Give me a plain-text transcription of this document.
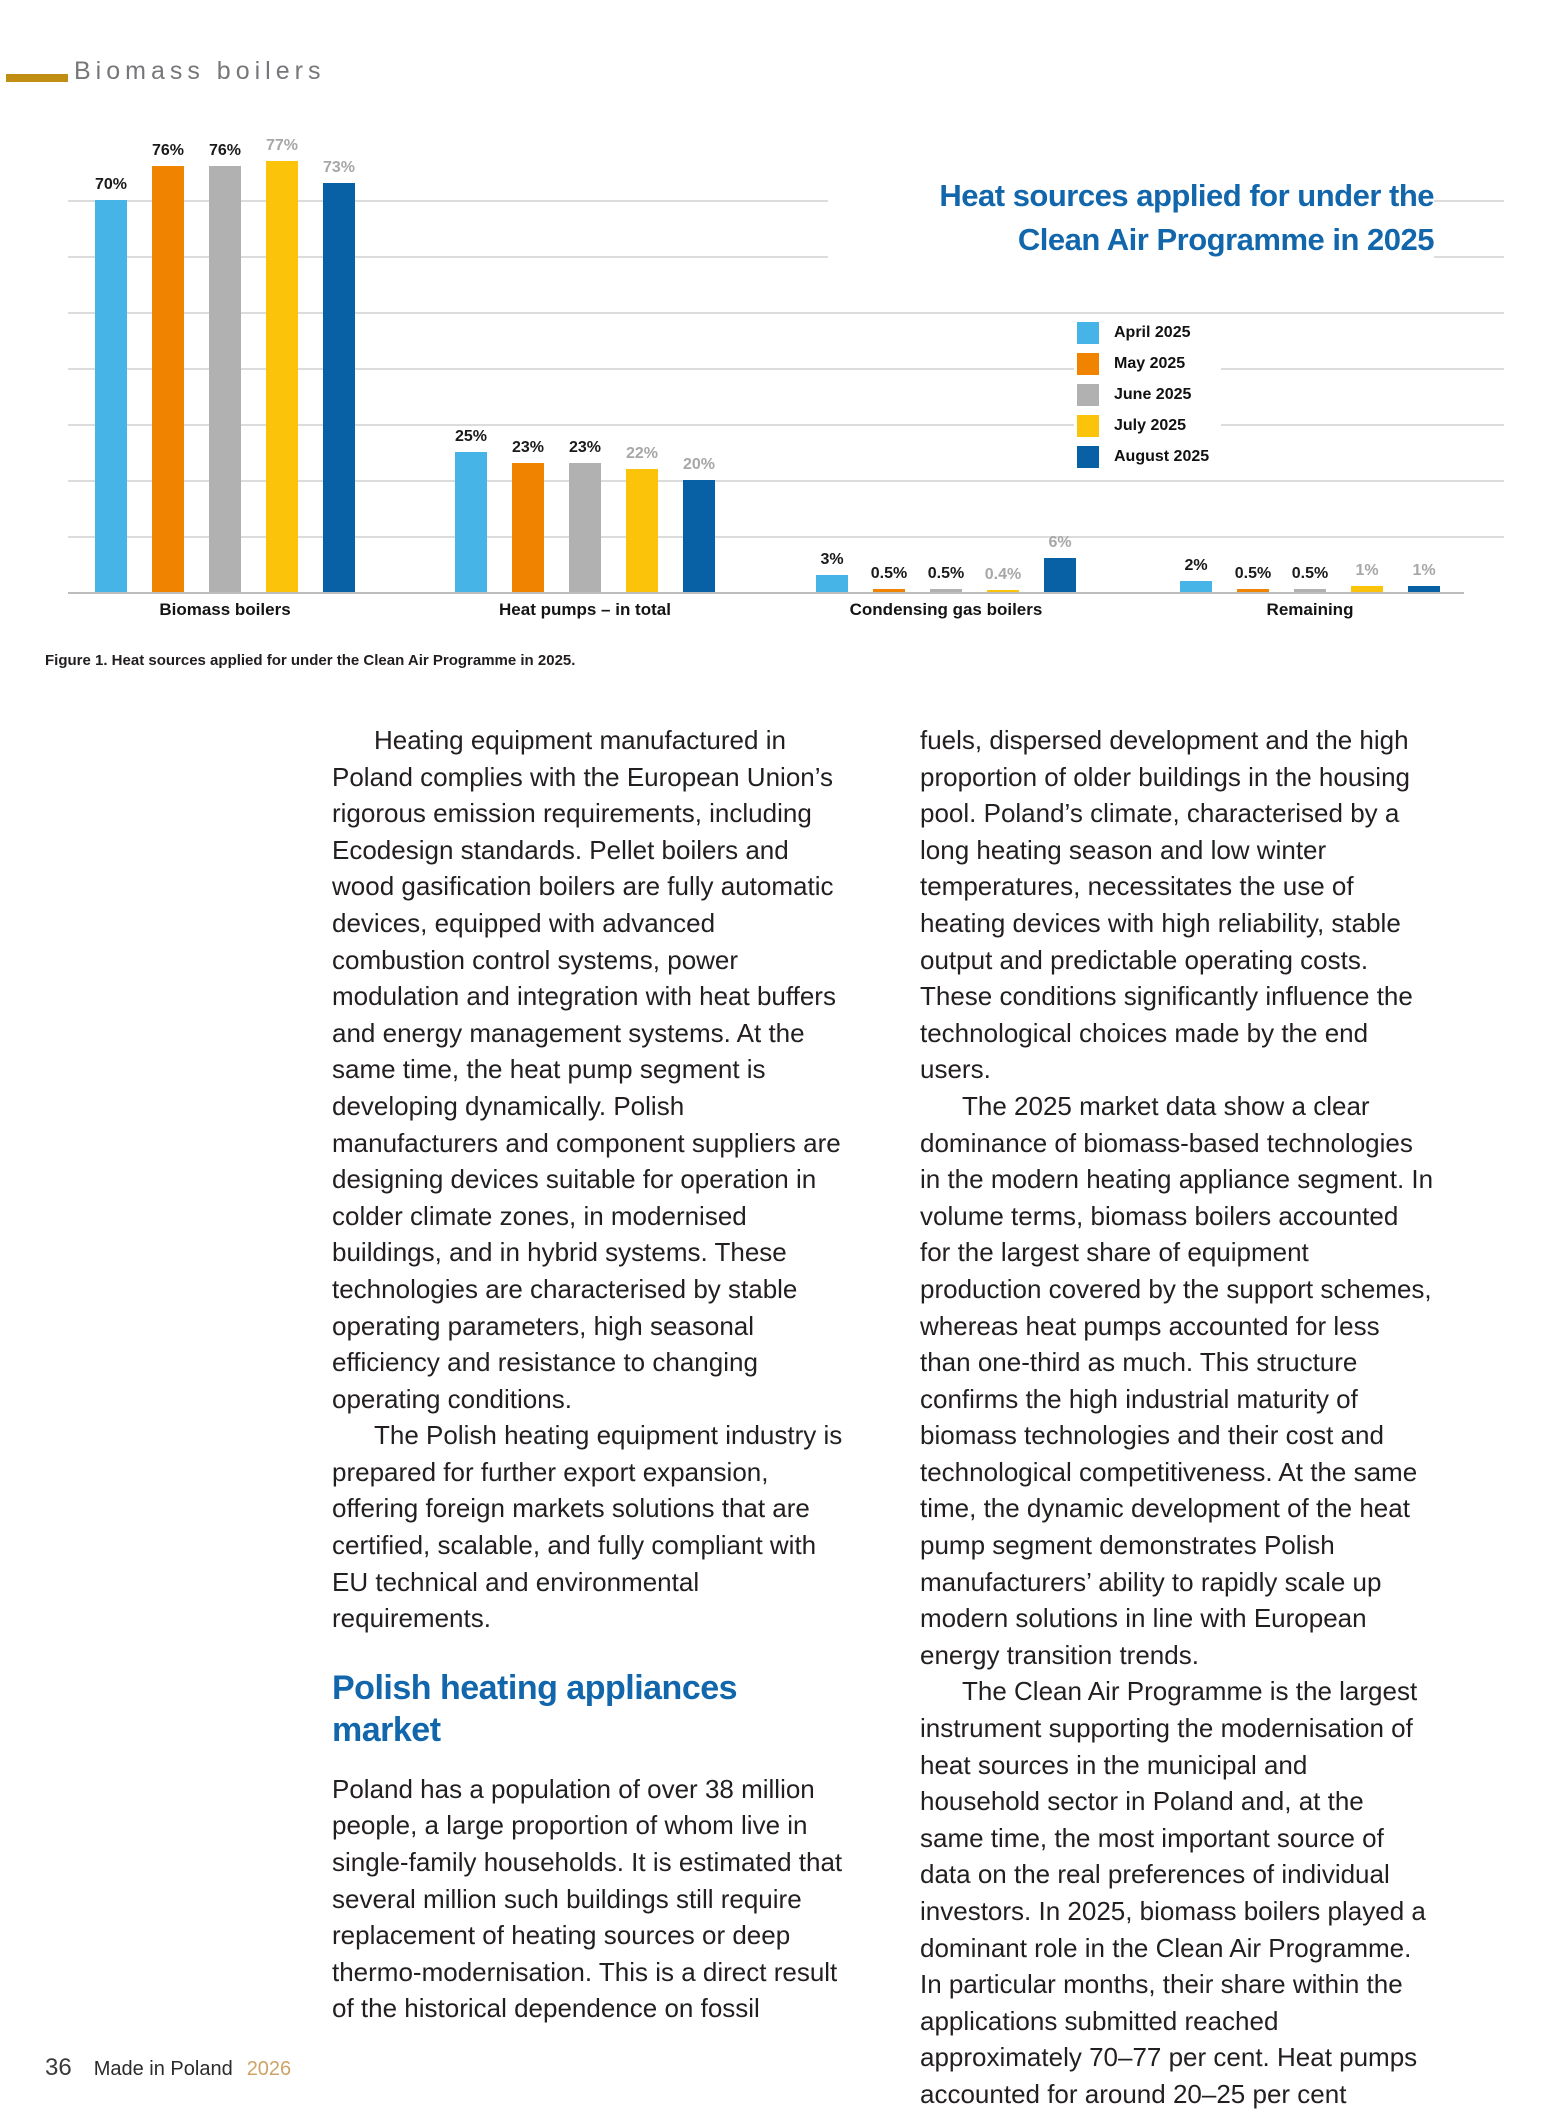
Biomass boilers
Heat sources applied for under the
Clean Air Programme in 2025
April 2025
May 2025
June 2025
July 2025
August 2025
70%
25%
3%	2%
76%
23%
0.5%	0.5%
76%
23%
0.5%	0.5%
77%
22%
0.4%	1%
73%
20%
6%
1%
Biomass boilers	Heat pumps – in total	Condensing gas boilers	Remaining
Figure 1. Heat sources applied for under the Clean Air Programme in 2025.

Heating equipment manufactured in Poland complies with the European Union’s rigorous emission requirements, including Ecodesign standards. Pellet boilers and wood gasification boilers are fully automatic devices, equipped with advanced combustion control systems, power modulation and integration with heat buffers and energy management systems. At the same time, the heat pump segment is developing dynamically. Polish manufacturers and component suppliers are designing devices suitable for operation in colder climate zones, in modernised buildings, and in hybrid systems. These technologies are characterised by stable operating parameters, high seasonal efficiency and resistance to changing operating conditions.

The Polish heating equipment industry is prepared for further export expansion, offering foreign markets solutions that are certified, scalable, and fully compliant with EU technical and environmental requirements.

Polish heating appliances market

Poland has a population of over 38 million people, a large proportion of whom live in single-family households. It is estimated that several million such buildings still require replacement of heating sources or deep thermo-modernisation. This is a direct result of the historical dependence on fossil

fuels, dispersed development and the high proportion of older buildings in the housing pool. Poland’s climate, characterised by a long heating season and low winter temperatures, necessitates the use of heating devices with high reliability, stable output and predictable operating costs. These conditions significantly influence the technological choices made by the end users.

The 2025 market data show a clear dominance of biomass-based technologies in the modern heating appliance segment. In volume terms, biomass boilers accounted for the largest share of equipment production covered by the support schemes, whereas heat pumps accounted for less than one-third as much. This structure confirms the high industrial maturity of biomass technologies and their cost and technological competitiveness. At the same time, the dynamic development of the heat pump segment demonstrates Polish manufacturers’ ability to rapidly scale up modern solutions in line with European energy transition trends.

The Clean Air Programme is the largest instrument supporting the modernisation of heat sources in the municipal and household sector in Poland and, at the same time, the most important source of data on the real preferences of individual investors. In 2025, biomass boilers played a dominant role in the Clean Air Programme. In particular months, their share within the applications submitted reached approximately 70–77 per cent. Heat pumps accounted for around 20–25 per cent

36 Made in Poland 2026
